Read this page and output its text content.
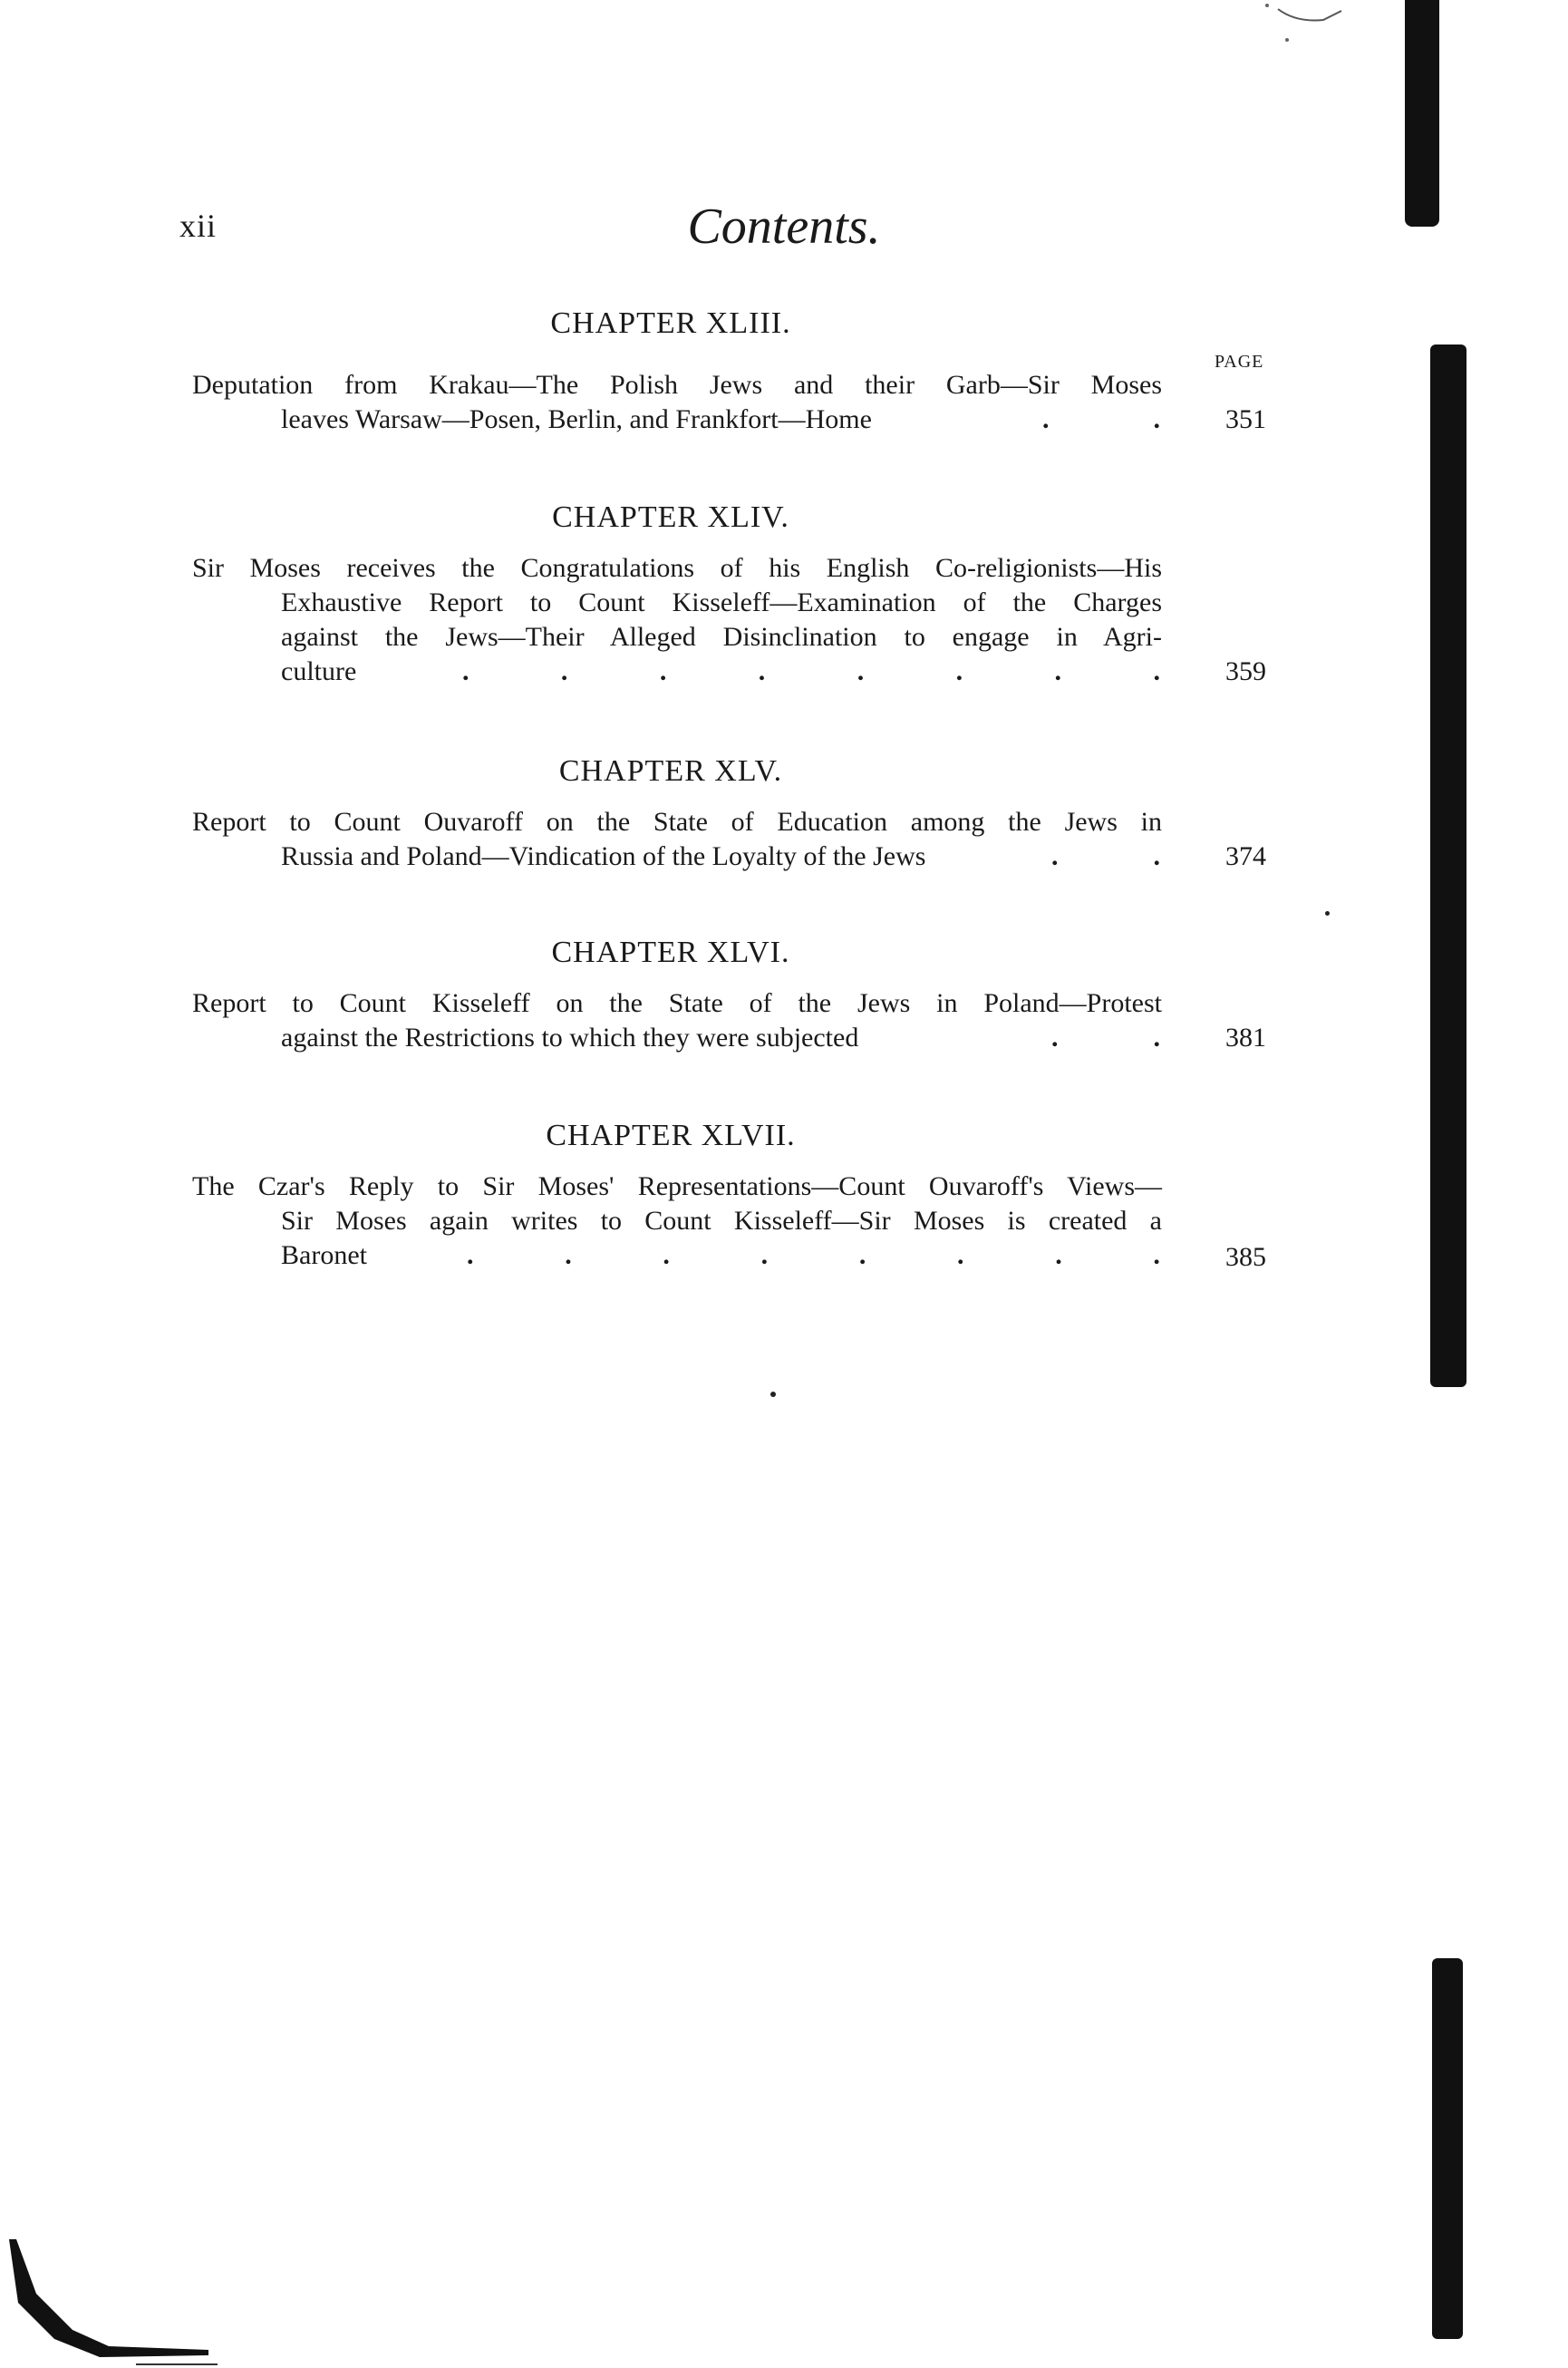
xii	Contents.
CHAPTER XLIII.
PAGE
Deputation from Krakau—The Polish Jews and their Garb—Sir Moses
leaves Warsaw—Posen, Berlin, and Frankfort—Home	.	. 351
CHAPTER XLIV.
Sir Moses receives the Congratulations of his English Co-religionists—His
Exhaustive Report to Count Kisseleff—Examination of the Charges
against the Jews—Their Alleged Disinclination to engage in Agri-
culture	.	.	.	.	.	.	.	. 359
CHAPTER XLV.
Report to Count Ouvaroff on the State of Education among the Jews in
Russia and Poland—Vindication of the Loyalty of the Jews	.	. 374
CHAPTER XLVI.
Report to Count Kisseleff on the State of the Jews in Poland—Protest
against the Restrictions to which they were subjected	.	. 381
CHAPTER XLVII.
The Czar's Reply to Sir Moses' Representations—Count Ouvaroff's Views—
Sir Moses again writes to Count Kisseleff—Sir Moses is created a
Baronet	.	.	.	.	.	.	.	. 385
